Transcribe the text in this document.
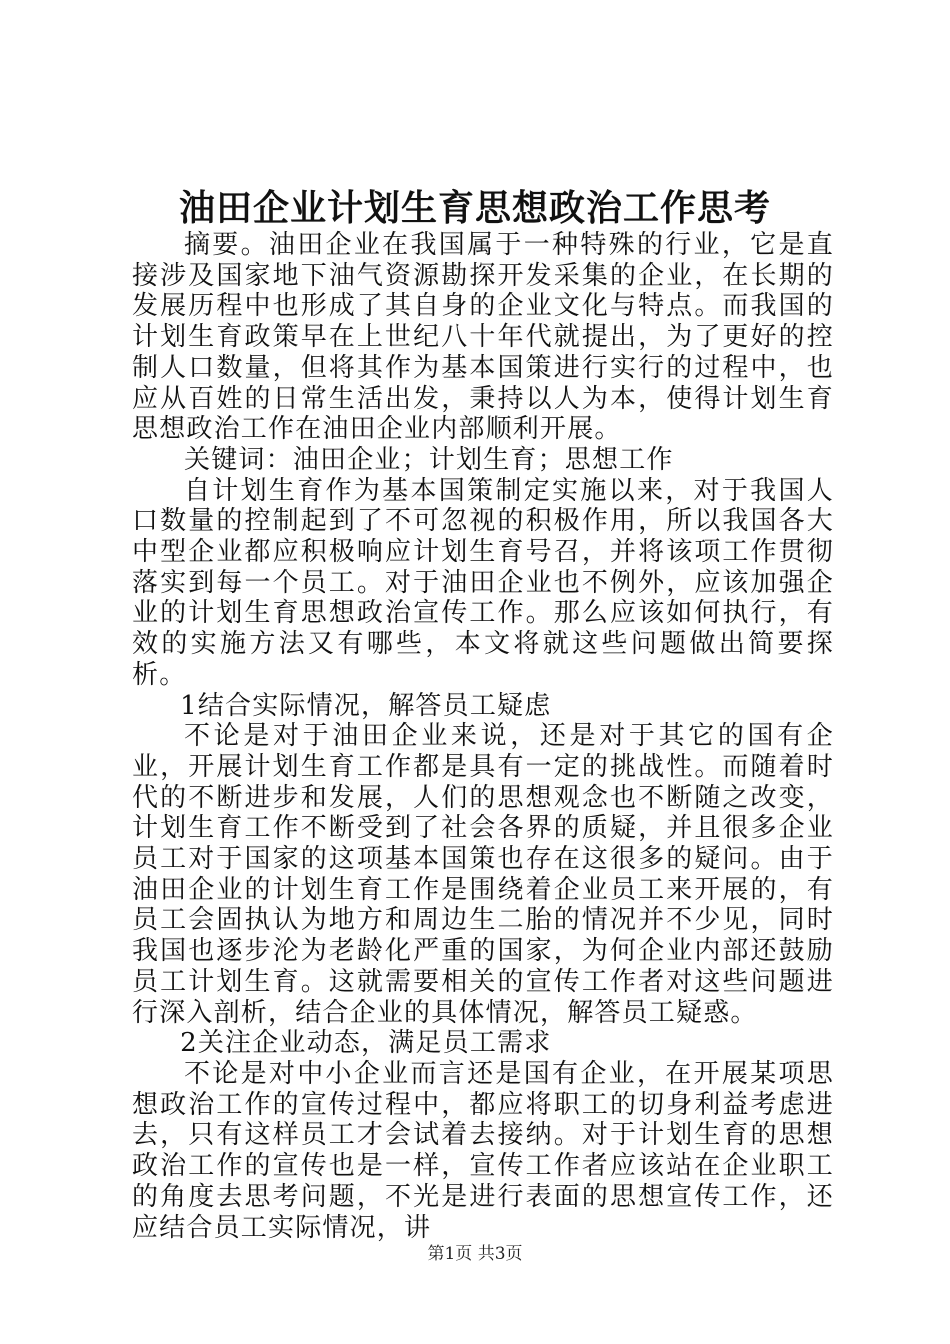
油田企业计划生育思想政治工作思考

摘要。油田企业在我国属于一种特殊的行业，它是直接涉及国家地下油气资源勘探开发采集的企业，在长期的发展历程中也形成了其自身的企业文化与特点。而我国的计划生育政策早在上世纪八十年代就提出，为了更好的控制人口数量，但将其作为基本国策进行实行的过程中，也应从百姓的日常生活出发，秉持以人为本，使得计划生育思想政治工作在油田企业内部顺利开展。

关键词：油田企业；计划生育；思想工作

自计划生育作为基本国策制定实施以来，对于我国人口数量的控制起到了不可忽视的积极作用，所以我国各大中型企业都应积极响应计划生育号召，并将该项工作贯彻落实到每一个员工。对于油田企业也不例外，应该加强企业的计划生育思想政治宣传工作。那么应该如何执行，有效的实施方法又有哪些，本文将就这些问题做出简要探析。

1结合实际情况，解答员工疑虑

不论是对于油田企业来说，还是对于其它的国有企业，开展计划生育工作都是具有一定的挑战性。而随着时代的不断进步和发展，人们的思想观念也不断随之改变，计划生育工作不断受到了社会各界的质疑，并且很多企业员工对于国家的这项基本国策也存在这很多的疑问。由于油田企业的计划生育工作是围绕着企业员工来开展的，有员工会固执认为地方和周边生二胎的情况并不少见，同时我国也逐步沦为老龄化严重的国家，为何企业内部还鼓励员工计划生育。这就需要相关的宣传工作者对这些问题进行深入剖析，结合企业的具体情况，解答员工疑惑。

2关注企业动态，满足员工需求

不论是对中小企业而言还是国有企业，在开展某项思想政治工作的宣传过程中，都应将职工的切身利益考虑进去，只有这样员工才会试着去接纳。对于计划生育的思想政治工作的宣传也是一样，宣传工作者应该站在企业职工的角度去思考问题，不光是进行表面的思想宣传工作，还应结合员工实际情况，讲

第1页 共3页
